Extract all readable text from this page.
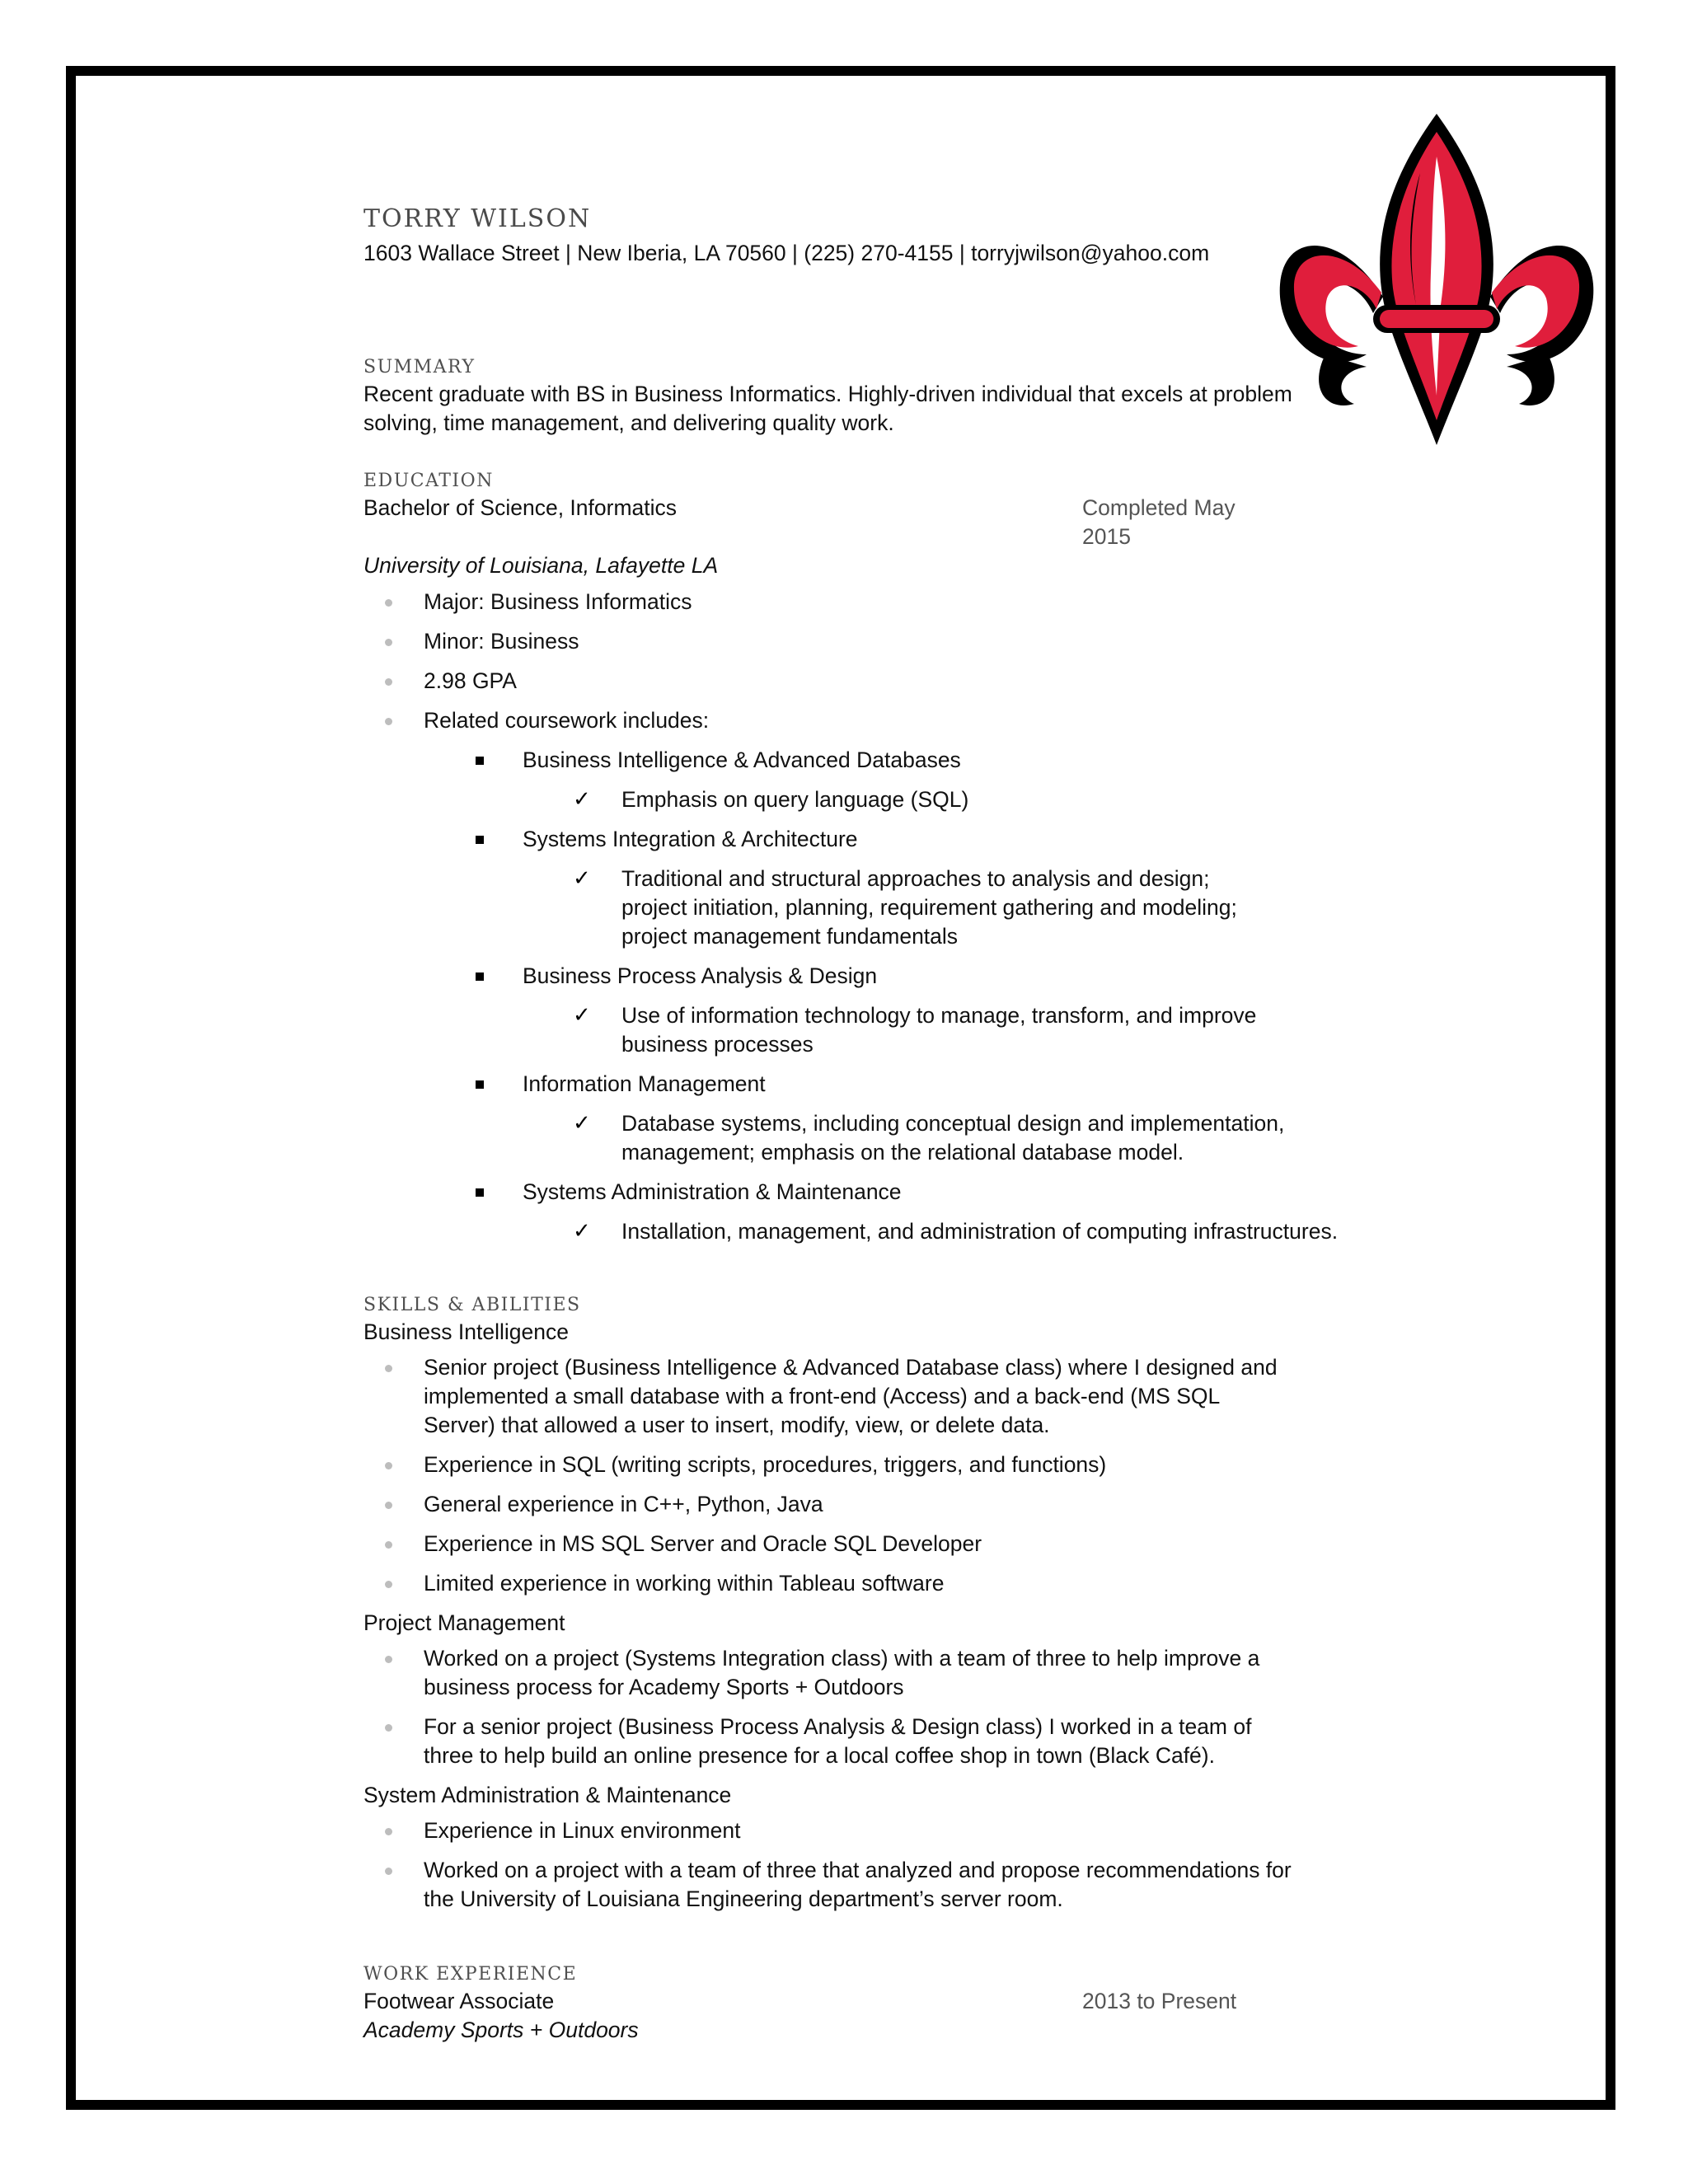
TORRY WILSON

1603 Wallace Street | New Iberia, LA 70560 | (225) 270-4155 | torryjwilson@yahoo.com

SUMMARY

Recent graduate with BS in Business Informatics. Highly-driven individual that excels at problem solving, time management, and delivering quality work.

EDUCATION
Bachelor of Science, Informatics	Completed May 2015

University of Louisiana, Lafayette LA

Major: Business Informatics
Minor: Business
2.98 GPA
Related coursework includes:
Business Intelligence & Advanced Databases
✓ Emphasis on query language (SQL)
Systems Integration & Architecture
✓ Traditional and structural approaches to analysis and design; project initiation, planning, requirement gathering and modeling; project management fundamentals
Business Process Analysis & Design
✓ Use of information technology to manage, transform, and improve business processes
Information Management
✓ Database systems, including conceptual design and implementation, management; emphasis on the relational database model.
Systems Administration & Maintenance
✓ Installation, management, and administration of computing infrastructures.
SKILLS & ABILITIES

Business Intelligence

Senior project (Business Intelligence & Advanced Database class) where I designed and implemented a small database with a front-end (Access) and a back-end (MS SQL Server) that allowed a user to insert, modify, view, or delete data.
Experience in SQL (writing scripts, procedures, triggers, and functions)
General experience in C++, Python, Java
Experience in MS SQL Server and Oracle SQL Developer
Limited experience in working within Tableau software

Project Management

Worked on a project (Systems Integration class) with a team of three to help improve a business process for Academy Sports + Outdoors
For a senior project (Business Process Analysis & Design class) I worked in a team of three to help build an online presence for a local coffee shop in town (Black Café).

System Administration & Maintenance

Experience in Linux environment
Worked on a project with a team of three that analyzed and propose recommendations for the University of Louisiana Engineering department’s server room.
WORK EXPERIENCE
Footwear Associate	2013 to Present

Academy Sports + Outdoors
